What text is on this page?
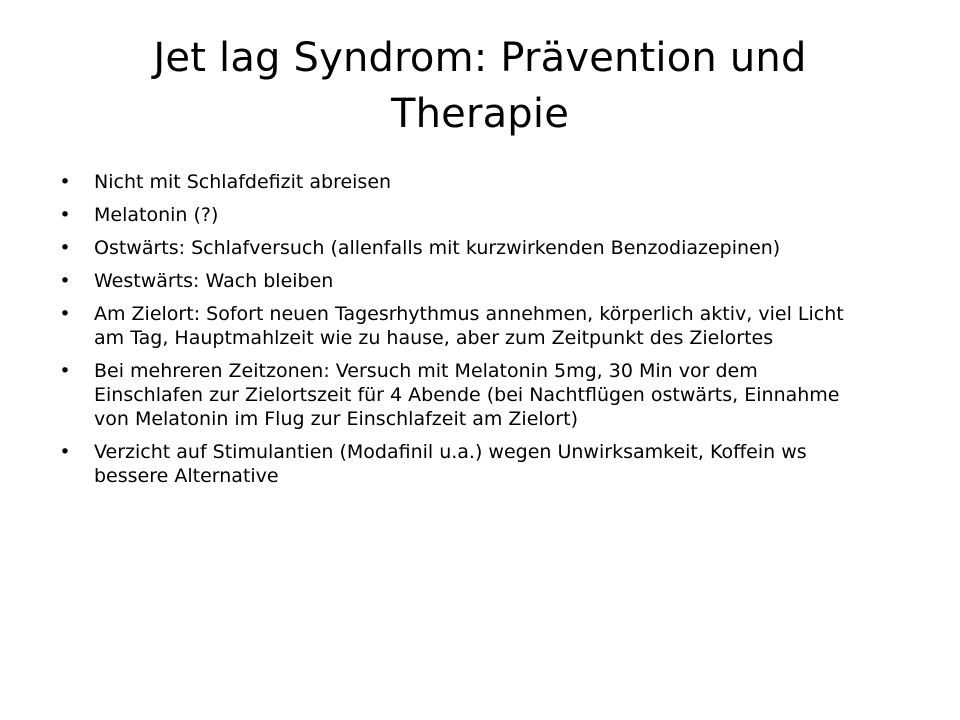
Jet lag Syndrom: Prävention und Therapie
• Nicht mit Schlafdefizit abreisen
• Melatonin (?)
• Ostwärts: Schlafversuch (allenfalls mit kurzwirkenden Benzodiazepinen)
• Westwärts: Wach bleiben
• Am Zielort: Sofort neuen Tagesrhythmus annehmen, körperlich aktiv, viel Licht am Tag, Hauptmahlzeit wie zu hause, aber zum Zeitpunkt des Zielortes
• Bei mehreren Zeitzonen: Versuch mit Melatonin 5mg, 30 Min vor dem Einschlafen zur Zielortszeit für 4 Abende (bei Nachtflügen ostwärts, Einnahme von Melatonin im Flug zur Einschlafzeit am Zielort)
• Verzicht auf Stimulantien (Modafinil u.a.) wegen Unwirksamkeit, Koffein ws bessere Alternative
